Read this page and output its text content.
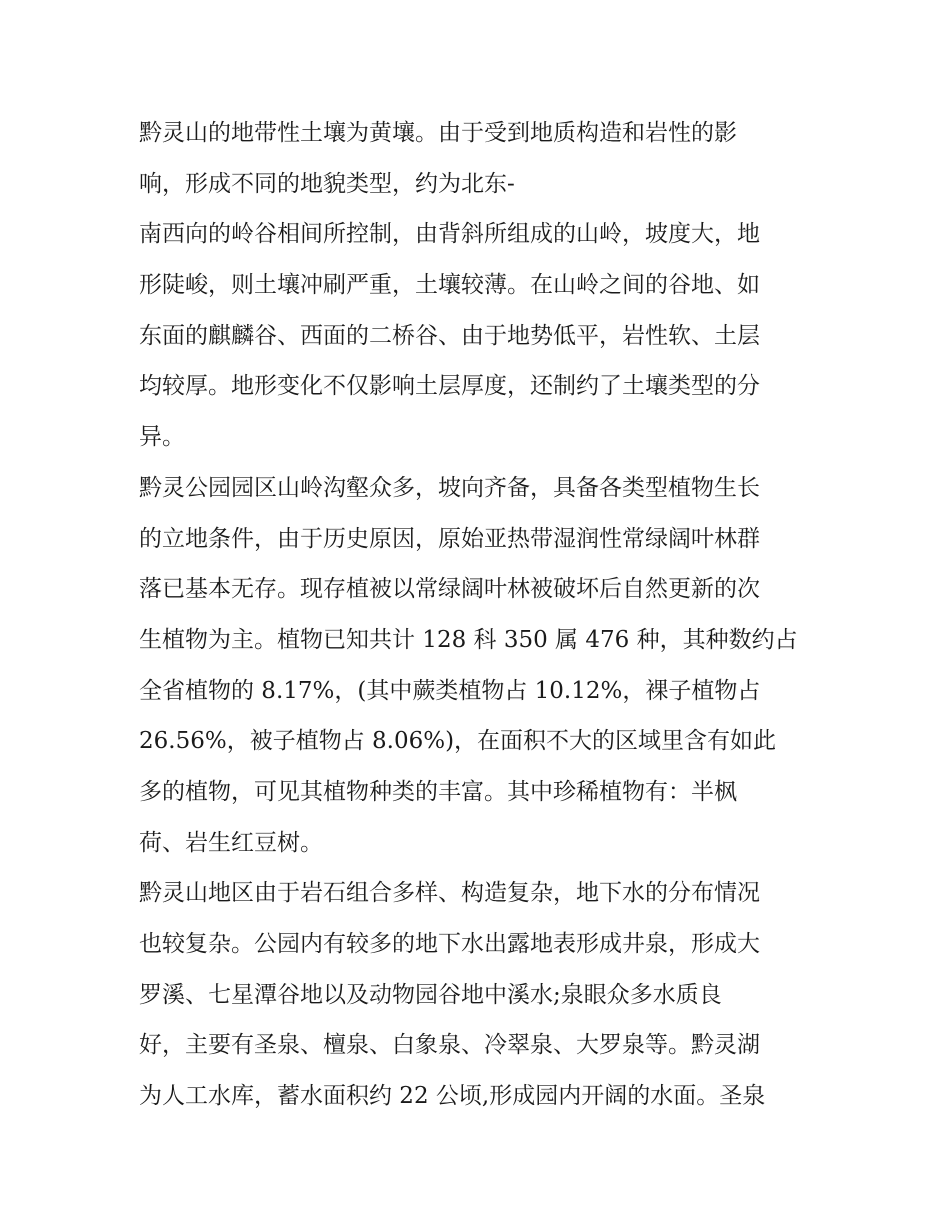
黔灵山的地带性土壤为黄壤。由于受到地质构造和岩性的影
响，形成不同的地貌类型，约为北东-
南西向的岭谷相间所控制，由背斜所组成的山岭，坡度大，地
形陡峻，则土壤冲刷严重，土壤较薄。在山岭之间的谷地、如
东面的麒麟谷、西面的二桥谷、由于地势低平，岩性软、土层
均较厚。地形变化不仅影响土层厚度，还制约了土壤类型的分
异。
黔灵公园园区山岭沟壑众多，坡向齐备，具备各类型植物生长
的立地条件，由于历史原因，原始亚热带湿润性常绿阔叶林群
落已基本无存。现存植被以常绿阔叶林被破坏后自然更新的次
生植物为主。植物已知共计 128 科 350 属 476 种，其种数约占
全省植物的 8.17%，(其中蕨类植物占 10.12%，裸子植物占
26.56%，被子植物占 8.06%)，在面积不大的区域里含有如此
多的植物，可见其植物种类的丰富。其中珍稀植物有：半枫
荷、岩生红豆树。
黔灵山地区由于岩石组合多样、构造复杂，地下水的分布情况
也较复杂。公园内有较多的地下水出露地表形成井泉，形成大
罗溪、七星潭谷地以及动物园谷地中溪水;泉眼众多水质良
好，主要有圣泉、檀泉、白象泉、冷翠泉、大罗泉等。黔灵湖
为人工水库，蓄水面积约 22 公顷,形成园内开阔的水面。圣泉
